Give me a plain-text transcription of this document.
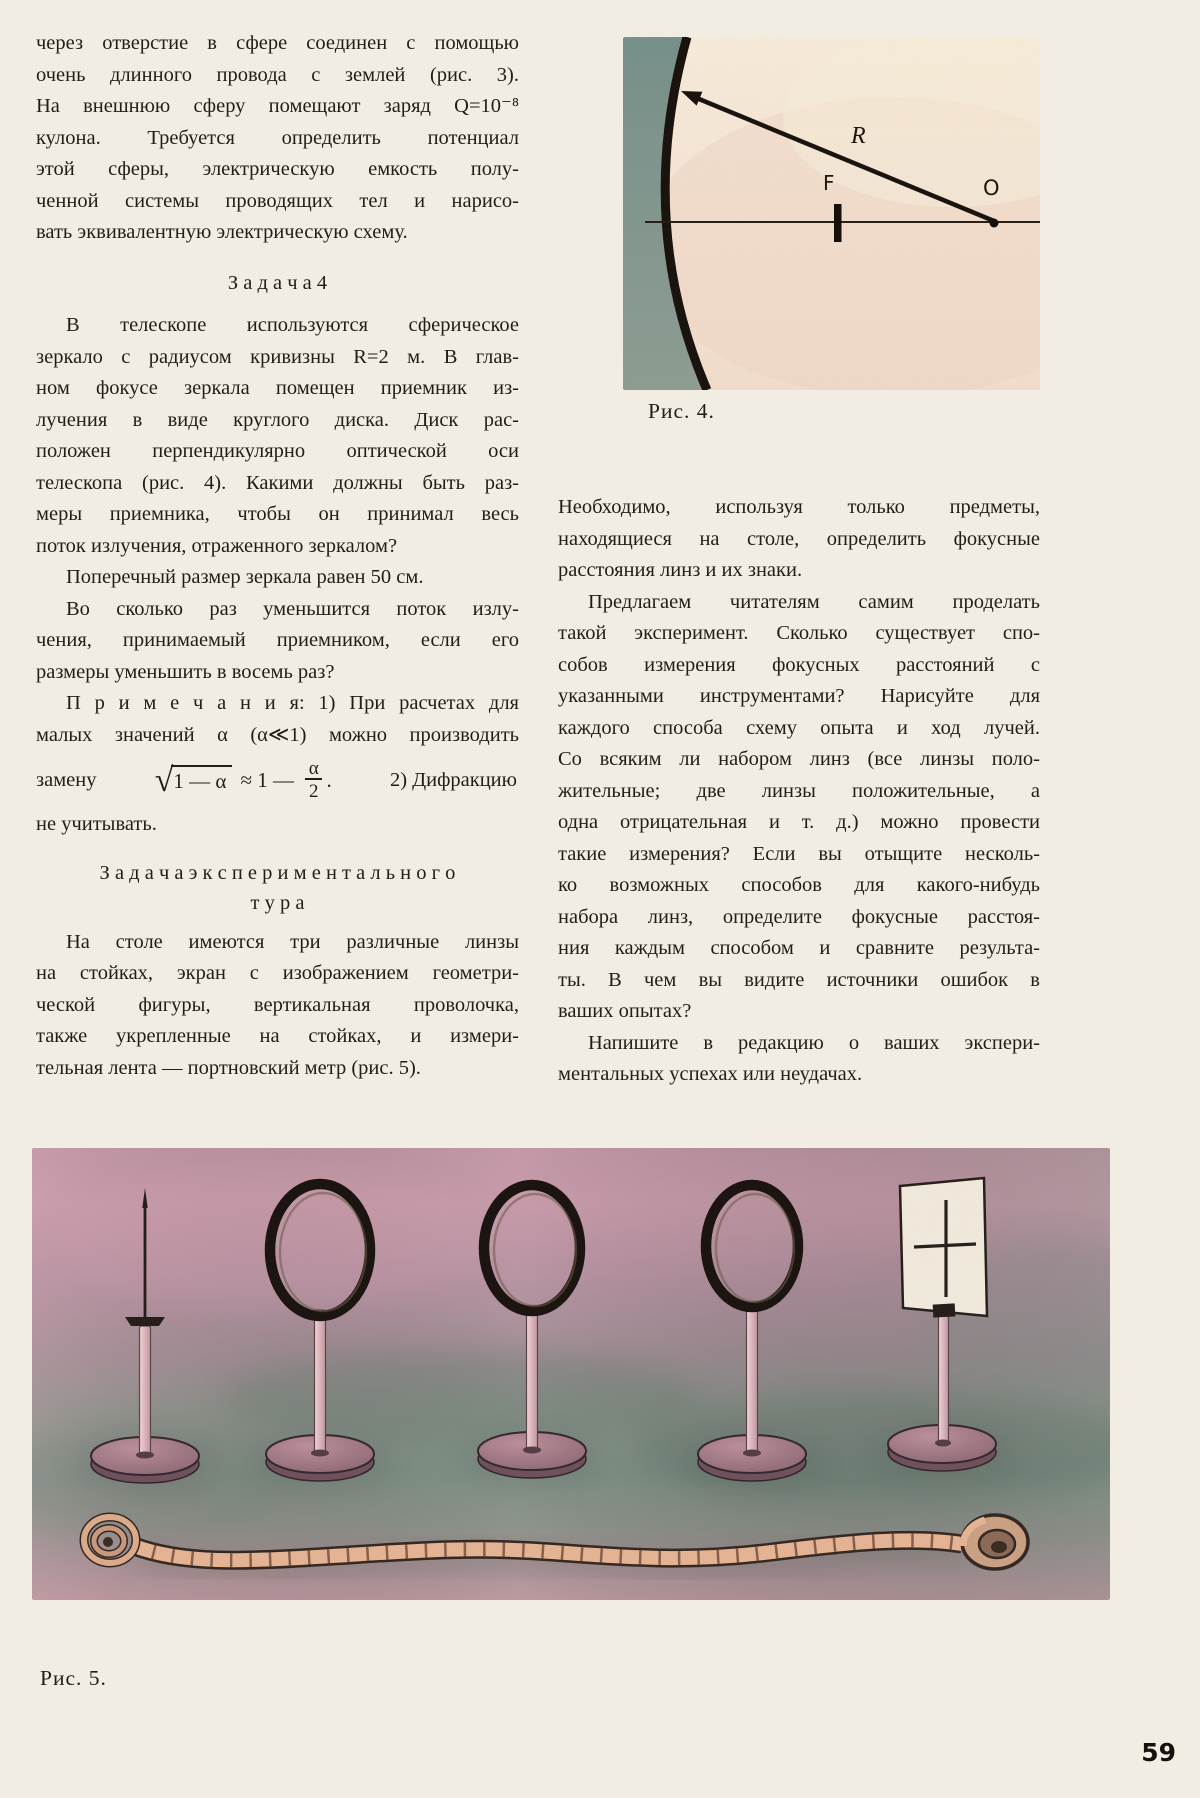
через отверстие в сфере соединен с помощью
очень длинного провода с землей (рис. 3).
На внешнюю сферу помещают заряд Q=10⁻⁸
кулона. Требуется определить потенциал
этой сферы, электрическую емкость полу-
ченной системы проводящих тел и нарисо-
вать эквивалентную электрическую схему.
З а д а ч а 4
В телескопе используются сферическое
зеркало с радиусом кривизны R=2 м. В глав-
ном фокусе зеркала помещен приемник из-
лучения в виде круглого диска. Диск рас-
положен перпендикулярно оптической оси
телескопа (рис. 4). Какими должны быть раз-
меры приемника, чтобы он принимал весь
поток излучения, отраженного зеркалом?
Поперечный размер зеркала равен 50 см.
Во сколько раз уменьшится поток излу-
чения, принимаемый приемником, если его
размеры уменьшить в восемь раз?
П р и м е ч а н и я: 1) При расчетах для
малых значений α (α≪1) можно производить
замену √ 1 — α ≈ 1 — $\frac{\alpha}{2}$ .	2) Дифракцию
не учитывать.
З а д а ч а э к с п е р и м е н т а л ь н о г о
т у р а
На столе имеются три различные линзы
на стойках, экран с изображением геометри-
ческой фигуры, вертикальная проволочка,
также укрепленные на стойках, и измери-
тельная лента — портновский метр (рис. 5).
Необходимо, используя только предметы,
находящиеся на столе, определить фокусные
расстояния линз и их знаки.
Предлагаем читателям самим проделать
такой эксперимент. Сколько существует спо-
собов измерения фокусных расстояний с
указанными инструментами? Нарисуйте для
каждого способа схему опыта и ход лучей.
Со всяким ли набором линз (все линзы поло-
жительные; две линзы положительные, а
одна отрицательная и т. д.) можно провести
такие измерения? Если вы отыщите несколь-
ко возможных способов для какого-нибудь
набора линз, определите фокусные расстоя-
ния каждым способом и сравните результа-
ты. В чем вы видите источники ошибок в
ваших опытах?
Напишите в редакцию о ваших экспери-
ментальных успехах или неудачах.
R
F	O
Рис. 4.
Рис. 5.
59
